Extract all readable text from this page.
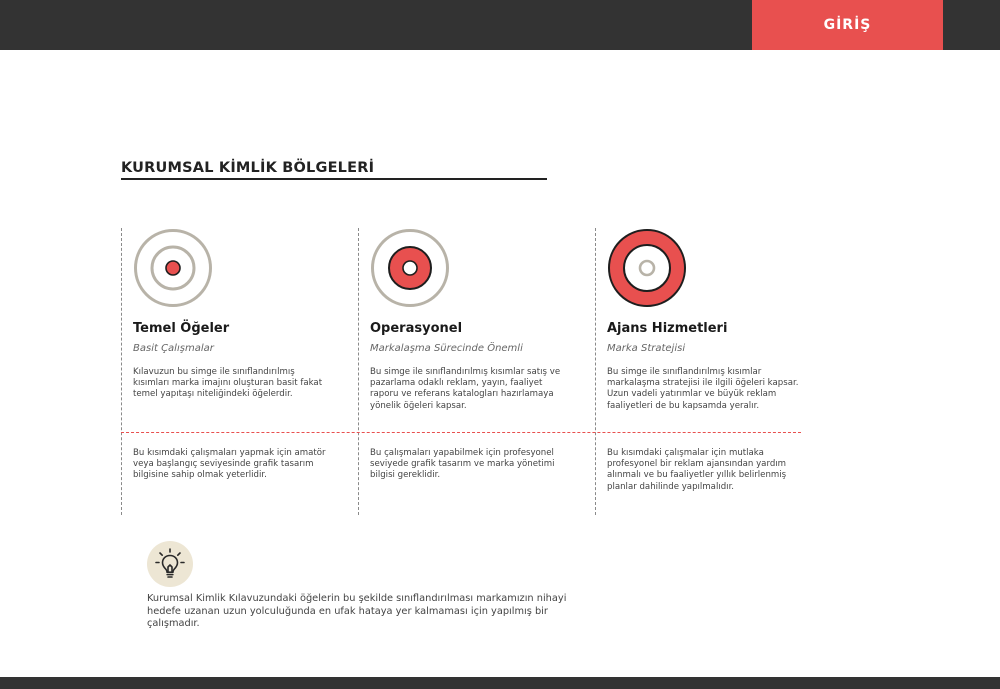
GİRİŞ
KURUMSAL KİMLİK BÖLGELERİ
Temel Öğeler
Basit Çalışmalar

Kılavuzun bu simge ile sınıflandırılmış kısımları marka imajını oluşturan basit fakat temel yapıtaşı niteliğindeki öğelerdir.

Bu kısımdaki çalışmaları yapmak için amatör veya başlangıç seviyesinde grafik tasarım bilgisine sahip olmak yeterlidir.

Operasyonel
Markalaşma Sürecinde Önemli

Bu simge ile sınıflandırılmış kısımlar satış ve pazarlama odaklı reklam, yayın, faaliyet raporu ve referans katalogları hazırlamaya yönelik öğeleri kapsar.

Bu çalışmaları yapabilmek için profesyonel seviyede grafik tasarım ve marka yönetimi bilgisi gereklidir.

Ajans Hizmetleri
Marka Stratejisi

Bu simge ile sınıflandırılmış kısımlar markalaşma stratejisi ile ilgili öğeleri kapsar. Uzun vadeli yatırımlar ve büyük reklam faaliyetleri de bu kapsamda yeralır.

Bu kısımdaki çalışmalar için mutlaka profesyonel bir reklam ajansından yardım alınmalı ve bu faaliyetler yıllık belirlenmiş planlar dahilinde yapılmalıdır.

Kurumsal Kimlik Kılavuzundaki öğelerin bu şekilde sınıflandırılması markamızın nihayi hedefe uzanan uzun yolculuğunda en ufak hataya yer kalmaması için yapılmış bir çalışmadır.
